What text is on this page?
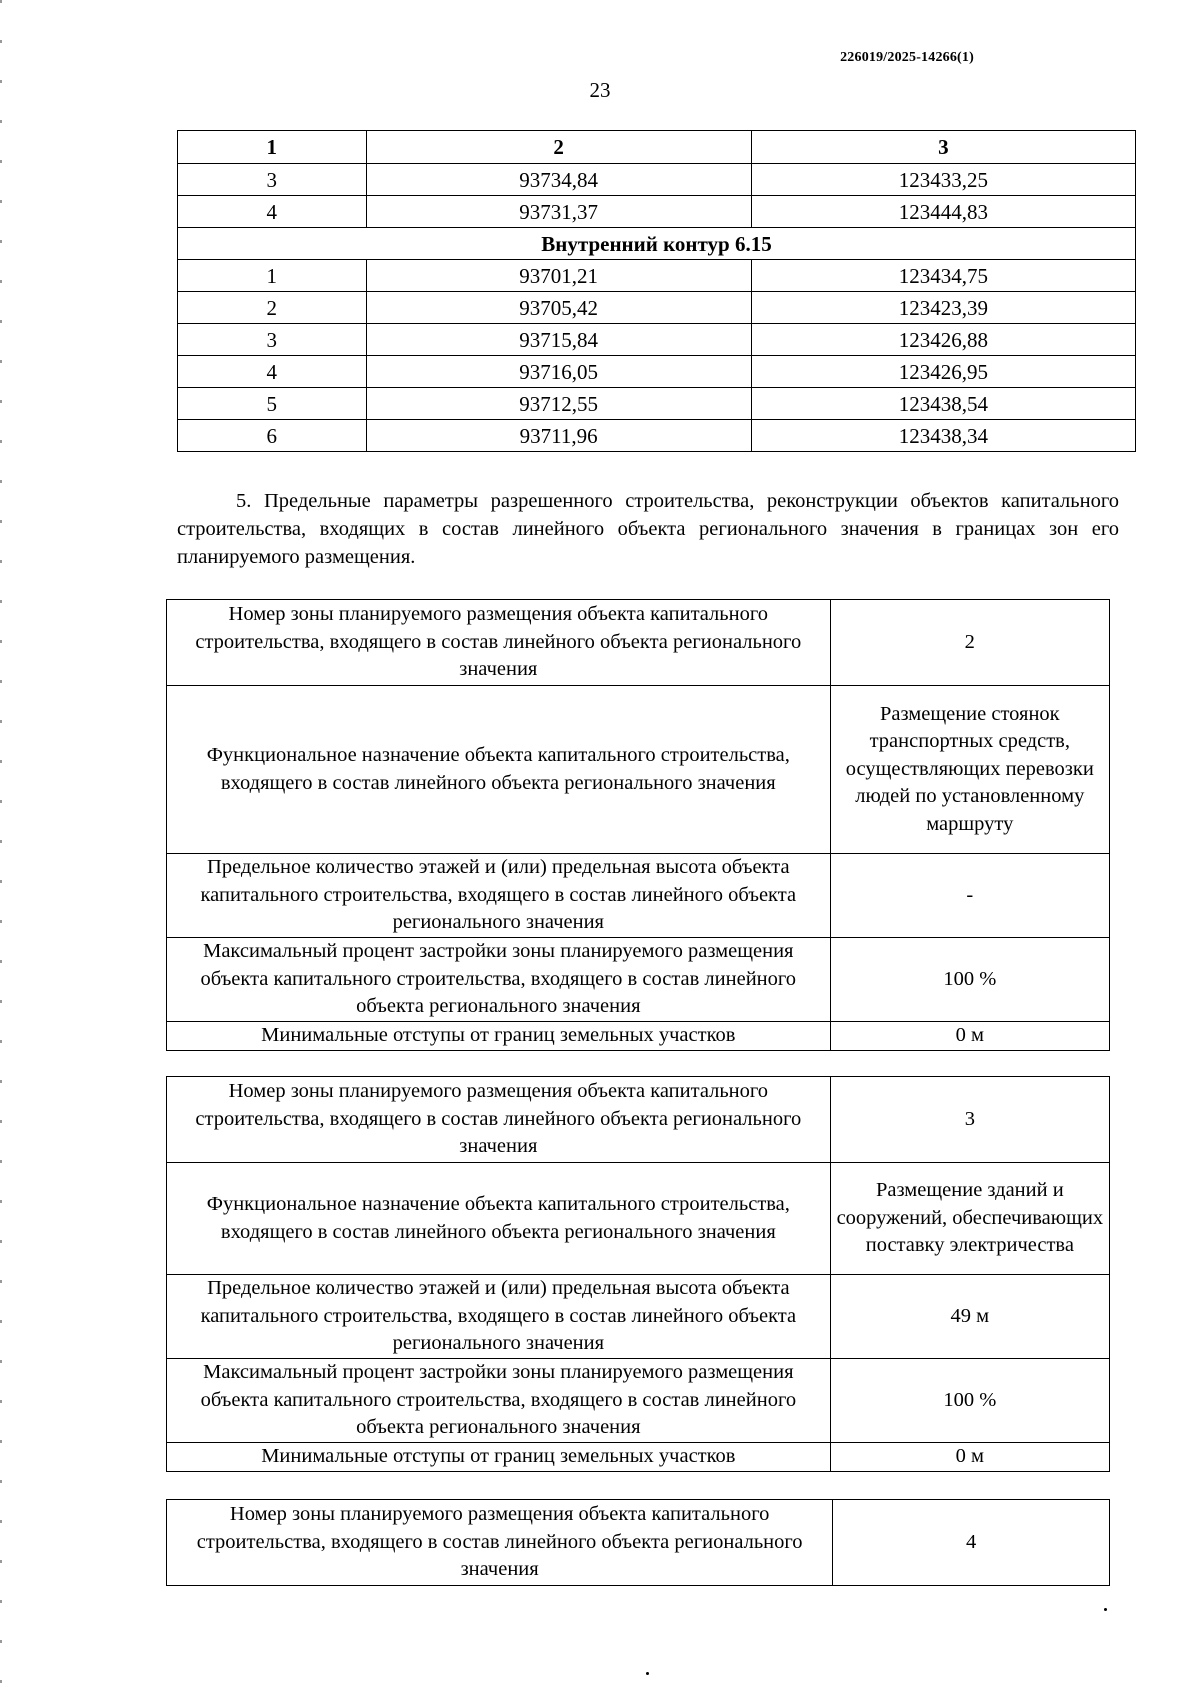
226019/2025-14266(1)
23
1	2	3
3	93734,84	123433,25
4	93731,37	123444,83
Внутренний контур 6.15		
1	93701,21	123434,75
2	93705,42	123423,39
3	93715,84	123426,88
4	93716,05	123426,95
5	93712,55	123438,54
6	93711,96	123438,34
5. Предельные параметры разрешенного строительства, реконструкции объектов капитального строительства, входящих в состав линейного объекта регионального значения в границах зон его планируемого размещения.
Номер зоны планируемого размещения объекта капитального строительства, входящего в состав линейного объекта регионального значения	2
Функциональное назначение объекта капитального строительства, входящего в состав линейного объекта регионального значения	Размещение стоянок транспортных средств, осуществляющих перевозки людей по установленному маршруту
Предельное количество этажей и (или) предельная высота объекта капитального строительства, входящего в состав линейного объекта регионального значения	-
Максимальный процент застройки зоны планируемого размещения объекта капитального строительства, входящего в состав линейного объекта регионального значения	100 %
Минимальные отступы от границ земельных участков	0 м
Номер зоны планируемого размещения объекта капитального строительства, входящего в состав линейного объекта регионального значения	3
Функциональное назначение объекта капитального строительства, входящего в состав линейного объекта регионального значения	Размещение зданий и сооружений, обеспечивающих поставку электричества
Предельное количество этажей и (или) предельная высота объекта капитального строительства, входящего в состав линейного объекта регионального значения	49 м
Максимальный процент застройки зоны планируемого размещения объекта капитального строительства, входящего в состав линейного объекта регионального значения	100 %
Минимальные отступы от границ земельных участков	0 м
Номер зоны планируемого размещения объекта капитального строительства, входящего в состав линейного объекта регионального значения	4
